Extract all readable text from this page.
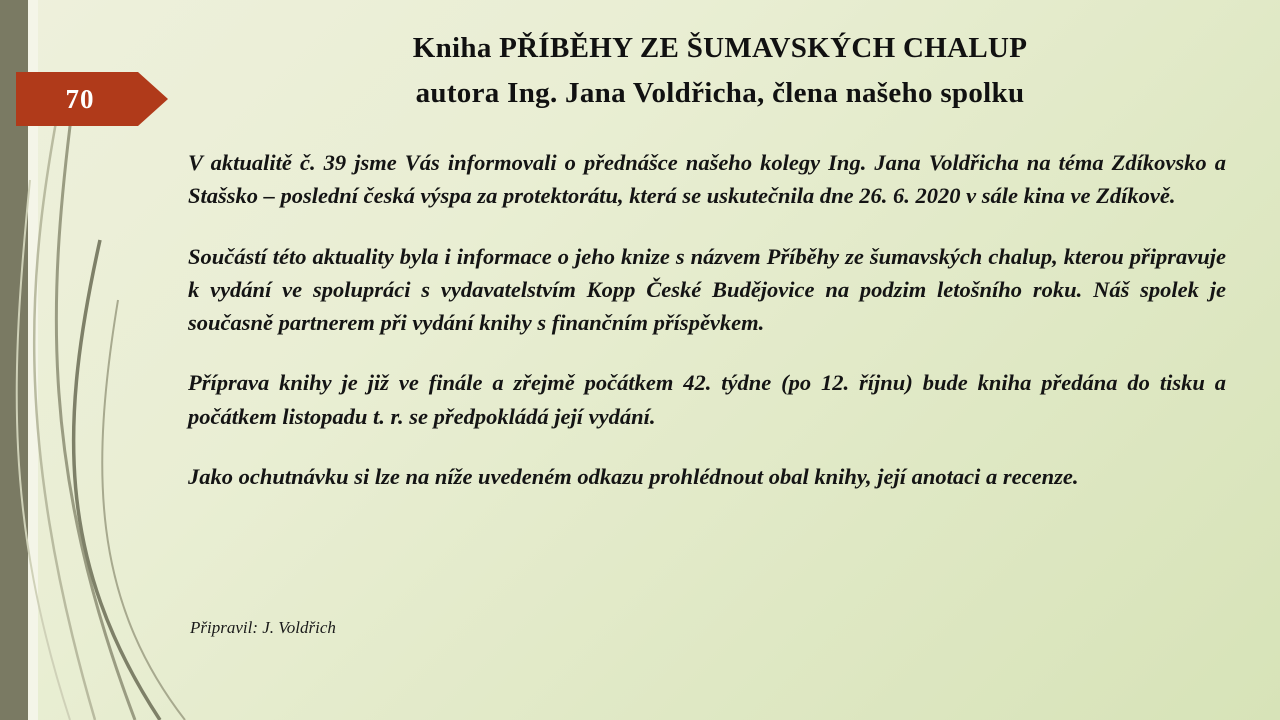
70
Kniha PŘÍBĚHY ZE ŠUMAVSKÝCH CHALUP
autora Ing. Jana Voldřicha, člena našeho spolku

V aktualitě č. 39 jsme Vás informovali o přednášce našeho kolegy Ing. Jana Voldřicha na téma Zdíkovsko a Stašsko – poslední česká výspa za protektorátu, která se uskutečnila dne 26. 6. 2020 v sále kina ve Zdíkově.

Součástí této aktuality byla i informace o jeho knize s názvem Příběhy ze šumavských chalup, kterou připravuje k vydání ve spolupráci s vydavatelstvím Kopp České Budějovice na podzim letošního roku. Náš spolek je současně partnerem při vydání knihy s finančním příspěvkem.

Příprava knihy je již ve finále a zřejmě počátkem 42. týdne (po 12. říjnu) bude kniha předána do tisku a počátkem listopadu t. r. se předpokládá její vydání.

Jako ochutnávku si lze na níže uvedeném odkazu prohlédnout obal knihy, její anotaci a recenze.

Připravil: J. Voldřich
